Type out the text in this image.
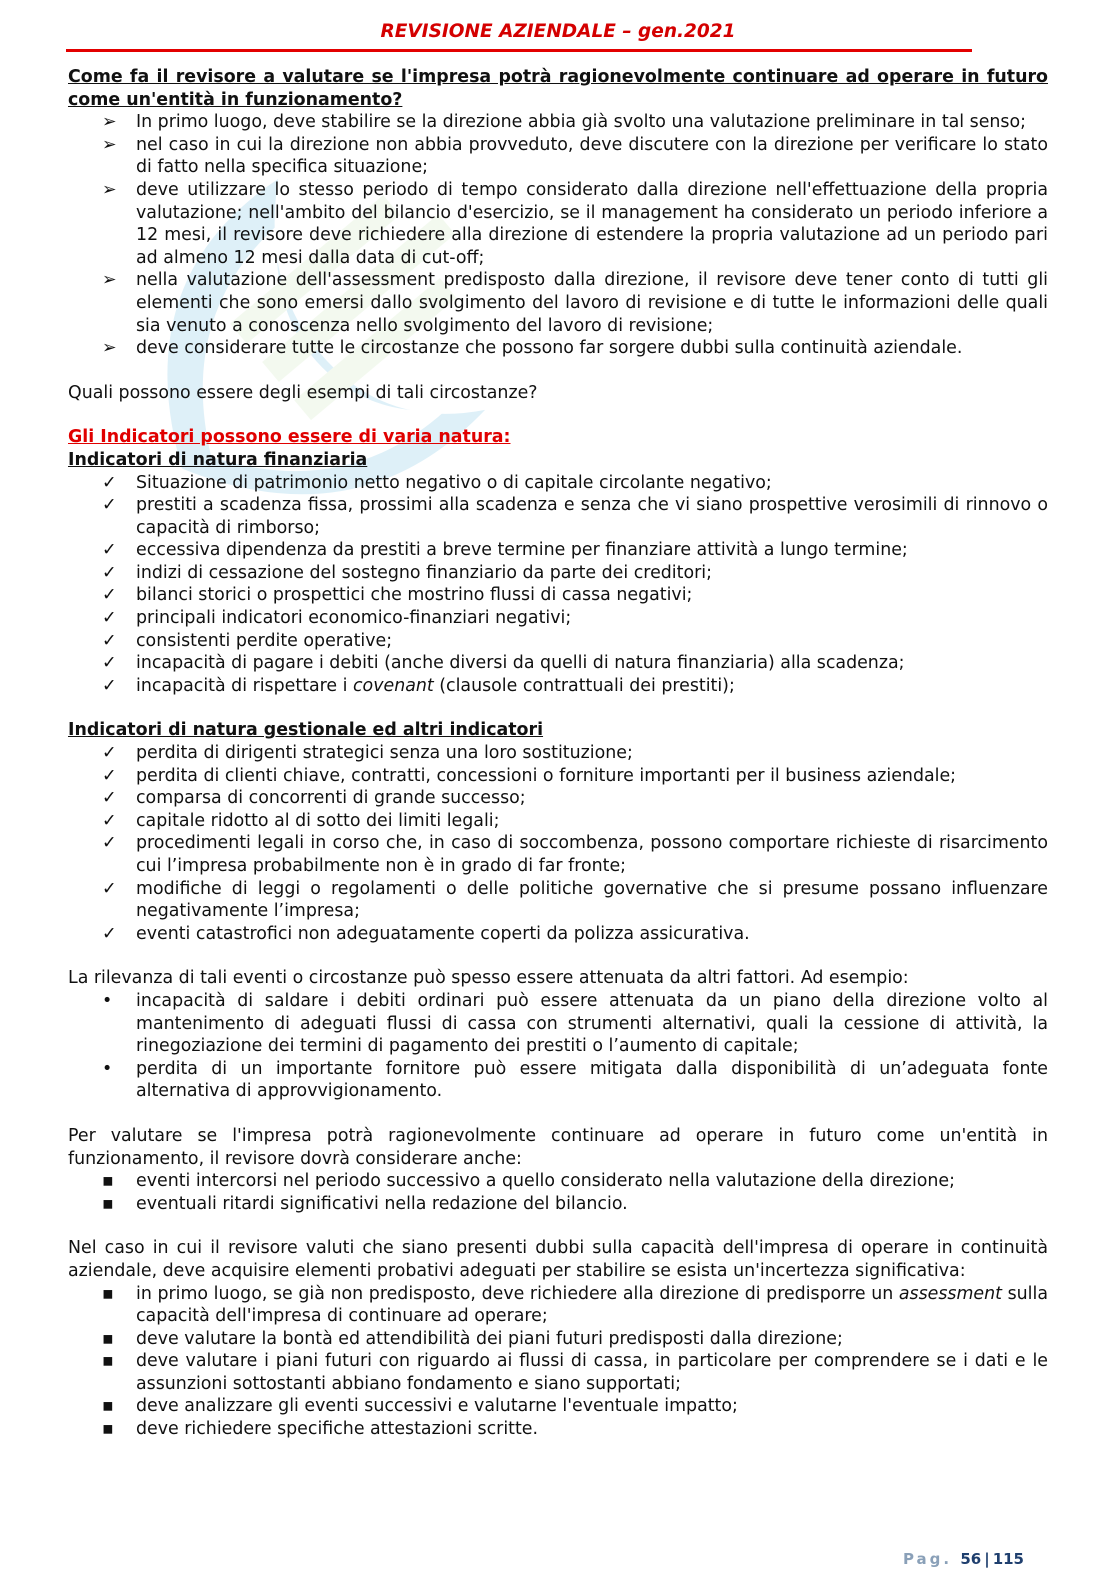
REVISIONE AZIENDALE – gen.2021

Come fa il revisore a valutare se l'impresa potrà ragionevolmente continuare ad operare in futuro come un'entità in funzionamento?

➢	In primo luogo, deve stabilire se la direzione abbia già svolto una valutazione preliminare in tal senso;
➢	nel caso in cui la direzione non abbia provveduto, deve discutere con la direzione per verificare lo stato di fatto nella specifica situazione;
➢	deve utilizzare lo stesso periodo di tempo considerato dalla direzione nell'effettuazione della propria valutazione; nell'ambito del bilancio d'esercizio, se il management ha considerato un periodo inferiore a 12 mesi, il revisore deve richiedere alla direzione di estendere la propria valutazione ad un periodo pari ad almeno 12 mesi dalla data di cut-off;
➢	nella valutazione dell'assessment predisposto dalla direzione, il revisore deve tener conto di tutti gli elementi che sono emersi dallo svolgimento del lavoro di revisione e di tutte le informazioni delle quali sia venuto a conoscenza nello svolgimento del lavoro di revisione;
➢	deve considerare tutte le circostanze che possono far sorgere dubbi sulla continuità aziendale.

Quali possono essere degli esempi di tali circostanze?

Gli Indicatori possono essere di varia natura:

Indicatori di natura finanziaria

✓	Situazione di patrimonio netto negativo o di capitale circolante negativo;
✓	prestiti a scadenza fissa, prossimi alla scadenza e senza che vi siano prospettive verosimili di rinnovo o capacità di rimborso;
✓	eccessiva dipendenza da prestiti a breve termine per finanziare attività a lungo termine;
✓	indizi di cessazione del sostegno finanziario da parte dei creditori;
✓	bilanci storici o prospettici che mostrino flussi di cassa negativi;
✓	principali indicatori economico-finanziari negativi;
✓	consistenti perdite operative;
✓	incapacità di pagare i debiti (anche diversi da quelli di natura finanziaria) alla scadenza;
✓	incapacità di rispettare i covenant (clausole contrattuali dei prestiti);

Indicatori di natura gestionale ed altri indicatori

✓	perdita di dirigenti strategici senza una loro sostituzione;
✓	perdita di clienti chiave, contratti, concessioni o forniture importanti per il business aziendale;
✓	comparsa di concorrenti di grande successo;
✓	capitale ridotto al di sotto dei limiti legali;
✓	procedimenti legali in corso che, in caso di soccombenza, possono comportare richieste di risarcimento cui l’impresa probabilmente non è in grado di far fronte;
✓	modifiche di leggi o regolamenti o delle politiche governative che si presume possano influenzare negativamente l’impresa;
✓	eventi catastrofici non adeguatamente coperti da polizza assicurativa.

La rilevanza di tali eventi o circostanze può spesso essere attenuata da altri fattori. Ad esempio:

•	incapacità di saldare i debiti ordinari può essere attenuata da un piano della direzione volto al mantenimento di adeguati flussi di cassa con strumenti alternativi, quali la cessione di attività, la rinegoziazione dei termini di pagamento dei prestiti o l’aumento di capitale;
•	perdita di un importante fornitore può essere mitigata dalla disponibilità di un’adeguata fonte alternativa di approvvigionamento.

Per valutare se l'impresa potrà ragionevolmente continuare ad operare in futuro come un'entità in funzionamento, il revisore dovrà considerare anche:

▪	eventi intercorsi nel periodo successivo a quello considerato nella valutazione della direzione;
▪	eventuali ritardi significativi nella redazione del bilancio.

Nel caso in cui il revisore valuti che siano presenti dubbi sulla capacità dell'impresa di operare in continuità aziendale, deve acquisire elementi probativi adeguati per stabilire se esista un'incertezza significativa:

▪	in primo luogo, se già non predisposto, deve richiedere alla direzione di predisporre un assessment sulla capacità dell'impresa di continuare ad operare;
▪	deve valutare la bontà ed attendibilità dei piani futuri predisposti dalla direzione;
▪	deve valutare i piani futuri con riguardo ai flussi di cassa, in particolare per comprendere se i dati e le assunzioni sottostanti abbiano fondamento e siano supportati;
▪	deve analizzare gli eventi successivi e valutarne l'eventuale impatto;
▪	deve richiedere specifiche attestazioni scritte.
Pag. 56 | 115
